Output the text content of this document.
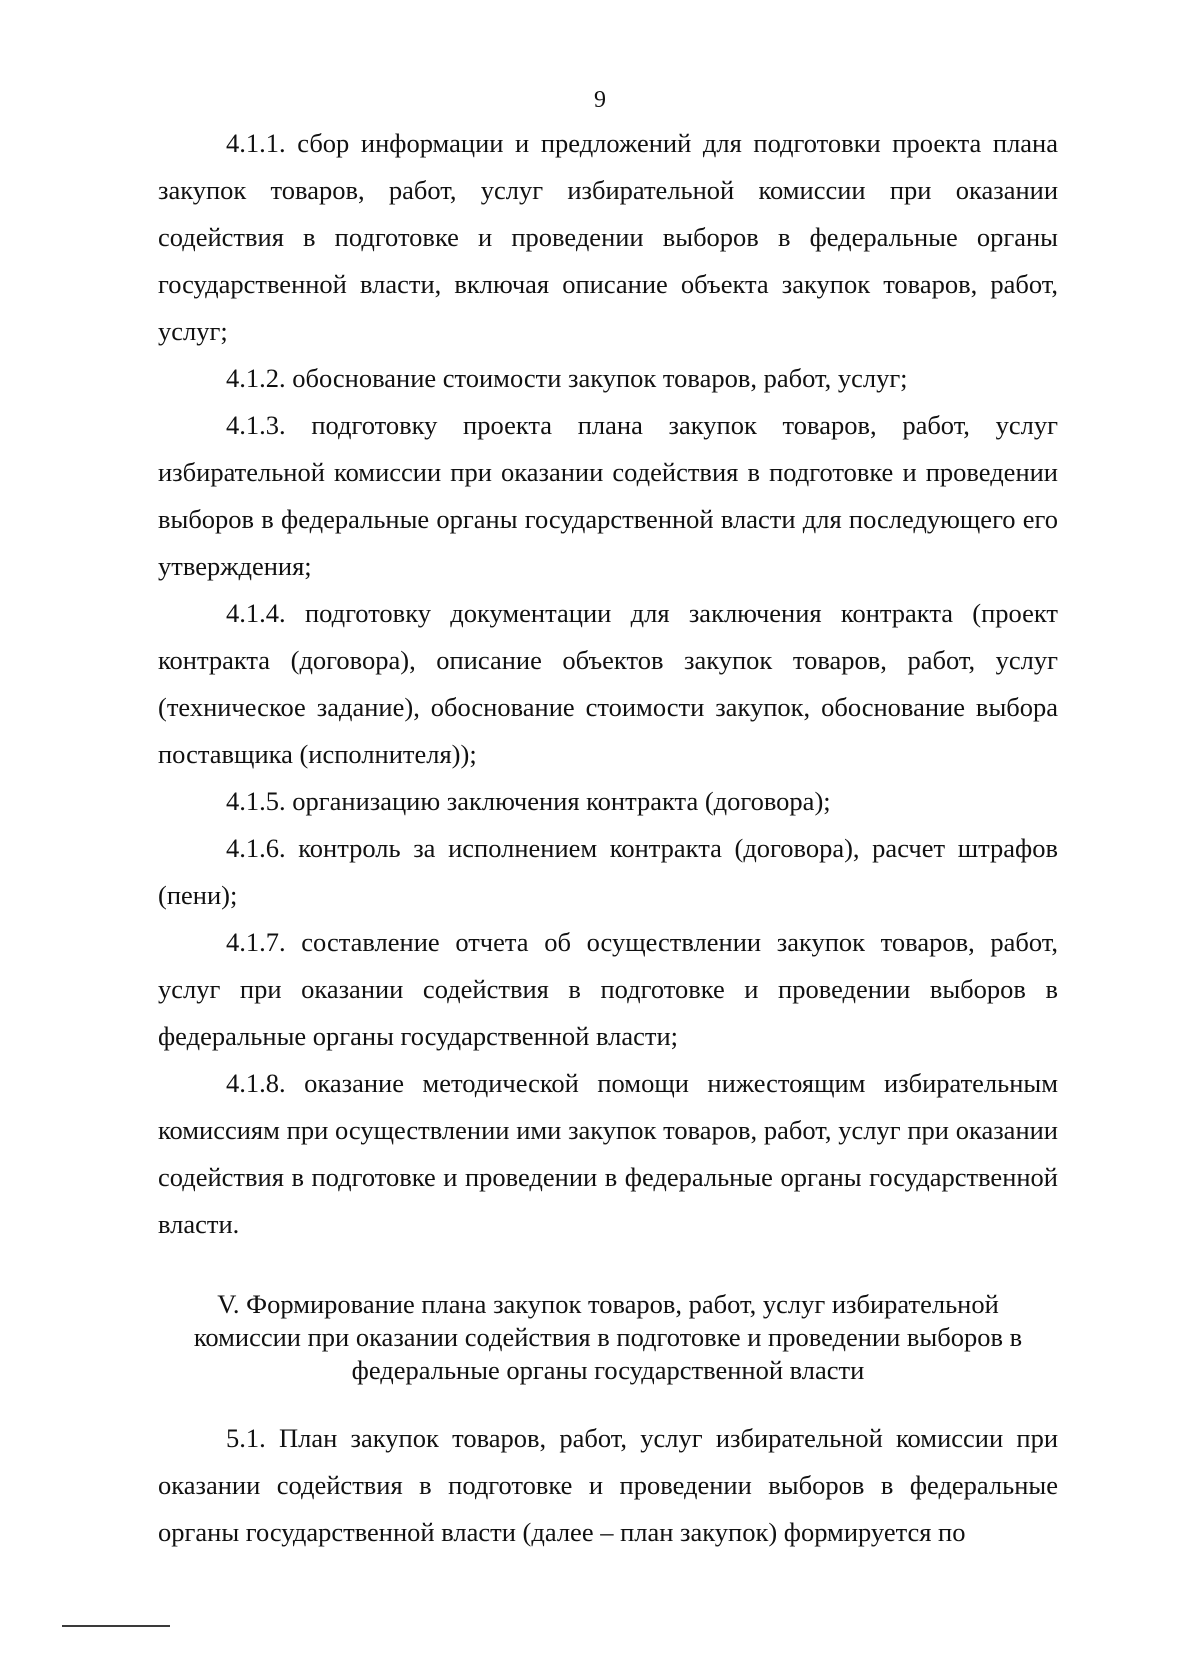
9

4.1.1. сбор информации и предложений для подготовки проекта плана закупок товаров, работ, услуг избирательной комиссии при оказании содействия в подготовке и проведении выборов в федеральные органы государственной власти, включая описание объекта закупок товаров, работ, услуг;

4.1.2. обоснование стоимости закупок товаров, работ, услуг;

4.1.3. подготовку проекта плана закупок товаров, работ, услуг избирательной комиссии при оказании содействия в подготовке и проведении выборов в федеральные органы государственной власти для последующего его утверждения;

4.1.4. подготовку документации для заключения контракта (проект контракта (договора), описание объектов закупок товаров, работ, услуг (техническое задание), обоснование стоимости закупок, обоснование выбора поставщика (исполнителя));

4.1.5. организацию заключения контракта (договора);

4.1.6. контроль за исполнением контракта (договора), расчет штрафов (пени);

4.1.7. составление отчета об осуществлении закупок товаров, работ, услуг при оказании содействия в подготовке и проведении выборов в федеральные органы государственной власти;

4.1.8. оказание методической помощи нижестоящим избирательным комиссиям при осуществлении ими закупок товаров, работ, услуг при оказании содействия в подготовке и проведении в федеральные органы государственной власти.

V. Формирование плана закупок товаров, работ, услуг избирательной комиссии при оказании содействия в подготовке и проведении выборов в федеральные органы государственной власти

5.1. План закупок товаров, работ, услуг избирательной комиссии при оказании содействия в подготовке и проведении выборов в федеральные органы государственной власти (далее – план закупок) формируется по
